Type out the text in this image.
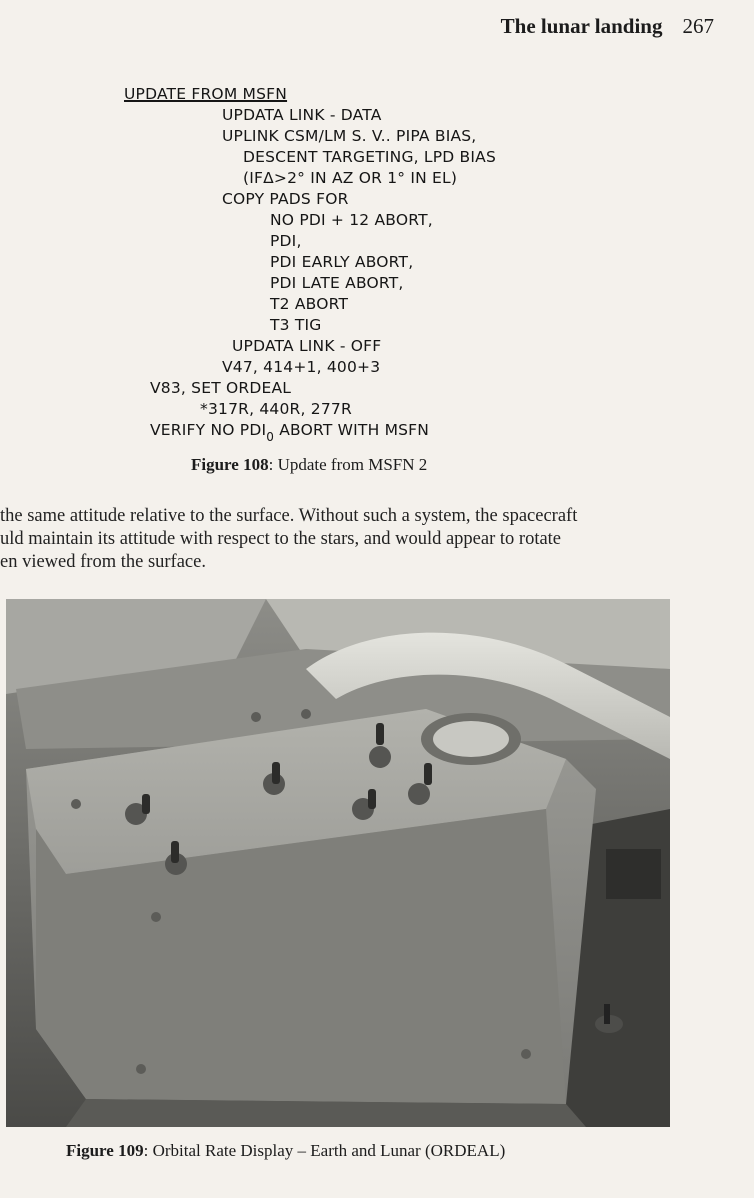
The lunar landing 267
UPDATE FROM MSFN
UPDATA LINK - DATA
UPLINK CSM/LM S. V.. PIPA BIAS,
DESCENT TARGETING, LPD BIAS
(IFΔ>2° IN AZ OR 1° IN EL)
COPY PADS FOR
NO PDI + 12 ABORT,
PDI,
PDI EARLY ABORT,
PDI LATE ABORT,
T2 ABORT
T3 TIG
UPDATA LINK - OFF
V47, 414+1, 400+3
V83, SET ORDEAL
*317R, 440R, 277R
VERIFY NO $PDI_0$ ABORT WITH MSFN
Figure 108: Update from MSFN 2

the same attitude relative to the surface. Without such a system, the spacecraft

uld maintain its attitude with respect to the stars, and would appear to rotate

en viewed from the surface.

Figure 109: Orbital Rate Display – Earth and Lunar (ORDEAL)
